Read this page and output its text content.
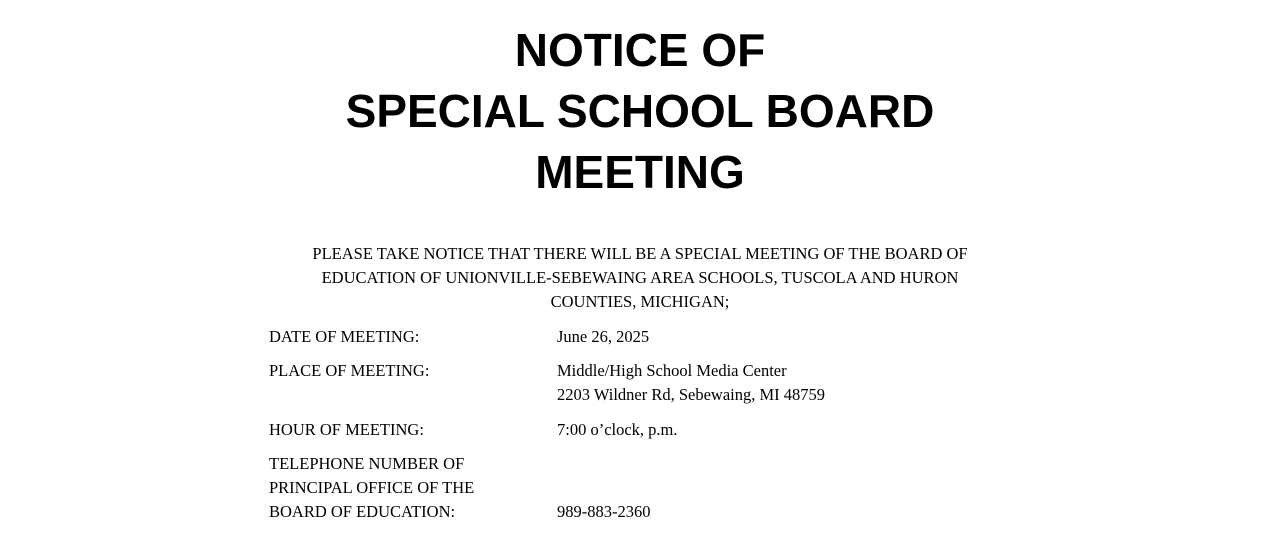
NOTICE OF
SPECIAL SCHOOL BOARD
MEETING

PLEASE TAKE NOTICE THAT THERE WILL BE A SPECIAL MEETING OF THE BOARD OF
EDUCATION OF UNIONVILLE-SEBEWAING AREA SCHOOLS, TUSCOLA AND HURON
COUNTIES, MICHIGAN;

DATE OF MEETING:	June 26, 2025
PLACE OF MEETING:	Middle/High School Media Center
2203 Wildner Rd, Sebewaing, MI 48759
HOUR OF MEETING:	7:00 o’clock, p.m.
TELEPHONE NUMBER OF
PRINCIPAL OFFICE OF THE
BOARD OF EDUCATION:	989-883-2360
